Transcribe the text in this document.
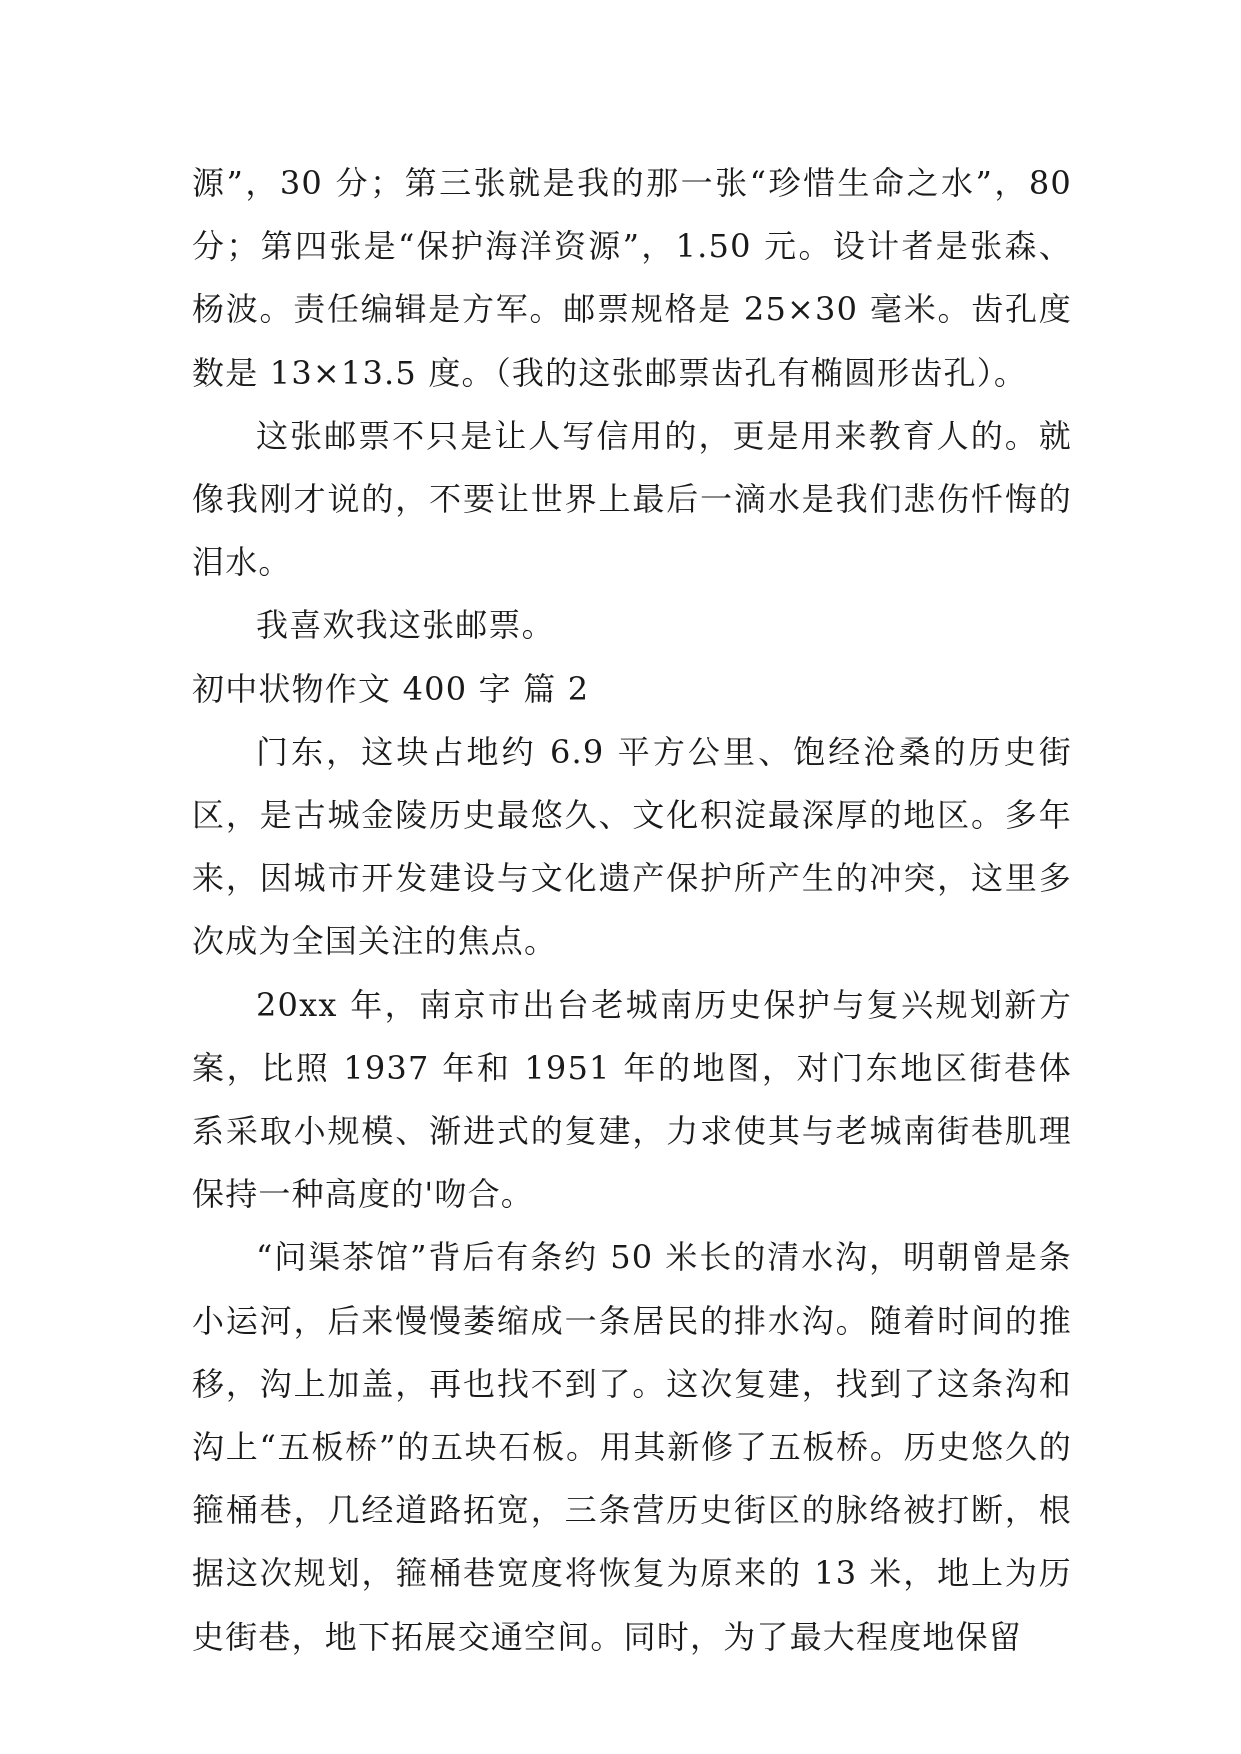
源”，30 分；第三张就是我的那一张“珍惜生命之水”，80 分；第四张是“保护海洋资源”，1.50 元。设计者是张森、杨波。责任编辑是方军。邮票规格是 25×30 毫米。齿孔度数是 13×13.5 度。（我的这张邮票齿孔有椭圆形齿孔）。

这张邮票不只是让人写信用的，更是用来教育人的。就像我刚才说的，不要让世界上最后一滴水是我们悲伤忏悔的泪水。

我喜欢我这张邮票。

初中状物作文 400 字 篇 2

门东，这块占地约 6.9 平方公里、饱经沧桑的历史街区，是古城金陵历史最悠久、文化积淀最深厚的地区。多年来，因城市开发建设与文化遗产保护所产生的冲突，这里多次成为全国关注的焦点。

20xx 年，南京市出台老城南历史保护与复兴规划新方案，比照 1937 年和 1951 年的地图，对门东地区街巷体系采取小规模、渐进式的复建，力求使其与老城南街巷肌理保持一种高度的'吻合。

“问渠茶馆”背后有条约 50 米长的清水沟，明朝曾是条小运河，后来慢慢萎缩成一条居民的排水沟。随着时间的推移，沟上加盖，再也找不到了。这次复建，找到了这条沟和沟上“五板桥”的五块石板。用其新修了五板桥。历史悠久的箍桶巷，几经道路拓宽，三条营历史街区的脉络被打断，根据这次规划，箍桶巷宽度将恢复为原来的 13 米，地上为历史街巷，地下拓展交通空间。同时，为了最大程度地保留
